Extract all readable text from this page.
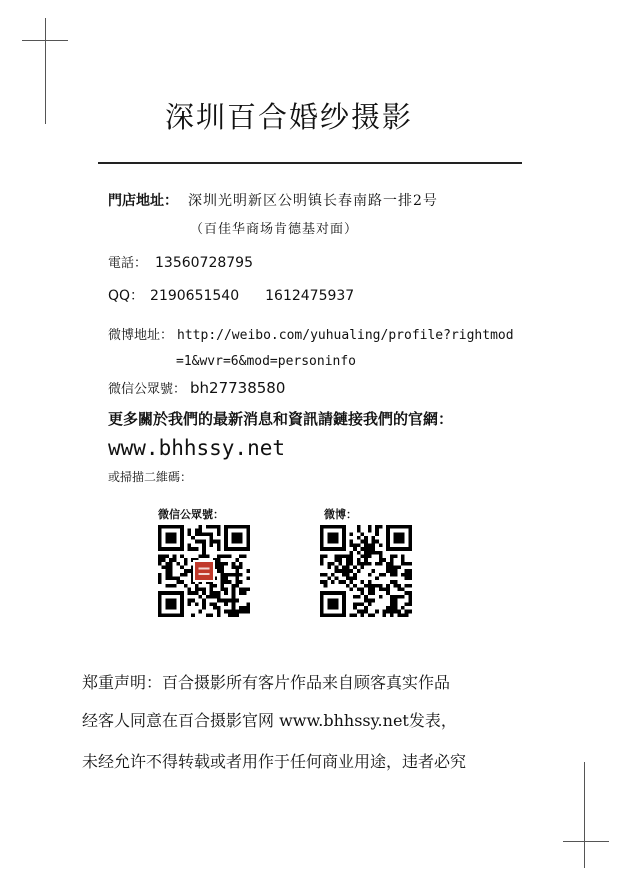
深圳百合婚纱摄影
門店地址： 深圳光明新区公明镇长春南路一排2号
（百佳华商场肯德基对面）
電話： 13560728795
QQ： 2190651540 1612475937
微博地址： http://weibo.com/yuhualing/profile?rightmod
=1&wvr=6&mod=personinfo
微信公眾號： bh27738580
更多關於我們的最新消息和資訊請鏈接我們的官網：
www.bhhssy.net
或掃描二維碼：
微信公眾號：	微博：
郑重声明：百合摄影所有客片作品来自顾客真实作品
经客人同意在百合摄影官网 www.bhhssy.net发表，
未经允许不得转载或者用作于任何商业用途，违者必究
